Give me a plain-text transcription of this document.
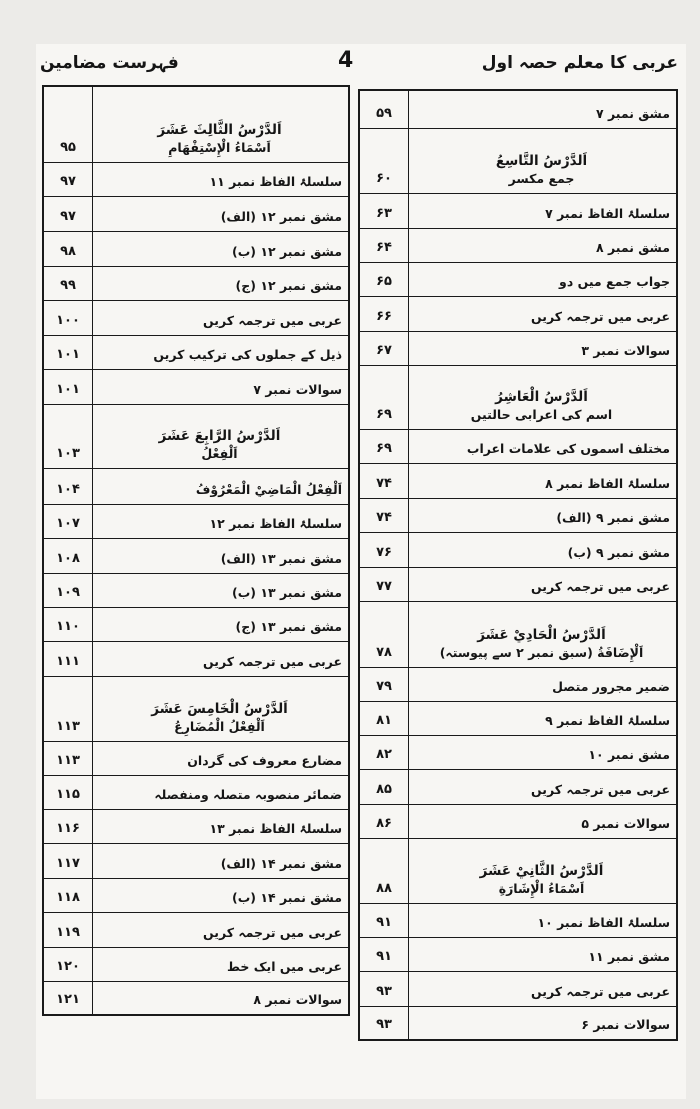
فہرست مضامین	4	عربی کا معلم حصہ اول
۹۵	اَلدَّرْسُ الثَّالِثَ عَشَرَ
اَسْمَاءُ الْإِسْتِفْهَامِ

۹۷	سلسلۂ الفاظ نمبر ۱۱

۹۷	مشق نمبر ۱۲ (الف)

۹۸	مشق نمبر ۱۲ (ب)

۹۹	مشق نمبر ۱۲ (ج)

۱۰۰	عربی میں ترجمہ کریں

۱۰۱	ذیل کے جملوں کی ترکیب کریں

۱۰۱	سوالات نمبر ۷

۱۰۳	اَلدَّرْسُ الرَّابِعَ عَشَرَ
اَلْفِعْلُ

۱۰۴	اَلْفِعْلُ الْمَاضِيْ الْمَعْرُوْفُ

۱۰۷	سلسلۂ الفاظ نمبر ۱۲

۱۰۸	مشق نمبر ۱۳ (الف)

۱۰۹	مشق نمبر ۱۳ (ب)

۱۱۰	مشق نمبر ۱۳ (ج)

۱۱۱	عربی میں ترجمہ کریں

۱۱۳	اَلدَّرْسُ الْخَامِسَ عَشَرَ
اَلْفِعْلُ الْمُضَارِعُ

۱۱۳	مضارع معروف کی گردان

۱۱۵	ضمائر منصوبہ متصلہ ومنفصلہ

۱۱۶	سلسلۂ الفاظ نمبر ۱۳

۱۱۷	مشق نمبر ۱۴ (الف)

۱۱۸	مشق نمبر ۱۴ (ب)

۱۱۹	عربی میں ترجمہ کریں

۱۲۰	عربی میں ایک خط

۱۲۱	سوالات نمبر ۸
۵۹	مشق نمبر ۷

۶۰	اَلدَّرْسُ التَّاسِعُ
جمع مکسر

۶۳	سلسلۂ الفاظ نمبر ۷

۶۴	مشق نمبر ۸

۶۵	جواب جمع میں دو

۶۶	عربی میں ترجمہ کریں

۶۷	سوالات نمبر ۳

۶۹	اَلدَّرْسُ الْعَاشِرُ
اسم کی اعرابی حالتیں

۶۹	مختلف اسموں کی علامات اعراب

۷۴	سلسلۂ الفاظ نمبر ۸

۷۴	مشق نمبر ۹ (الف)

۷۶	مشق نمبر ۹ (ب)

۷۷	عربی میں ترجمہ کریں

۷۸	اَلدَّرْسُ الْحَادِيْ عَشَرَ
اَلْإِضَافَةُ (سبق نمبر ۲ سے پیوستہ)

۷۹	ضمیر مجرور متصل

۸۱	سلسلۂ الفاظ نمبر ۹

۸۲	مشق نمبر ۱۰

۸۵	عربی میں ترجمہ کریں

۸۶	سوالات نمبر ۵

۸۸	اَلدَّرْسُ الثَّانِيْ عَشَرَ
اَسْمَاءُ الْإِشَارَةِ

۹۱	سلسلۂ الفاظ نمبر ۱۰

۹۱	مشق نمبر ۱۱

۹۳	عربی میں ترجمہ کریں

۹۳	سوالات نمبر ۶
